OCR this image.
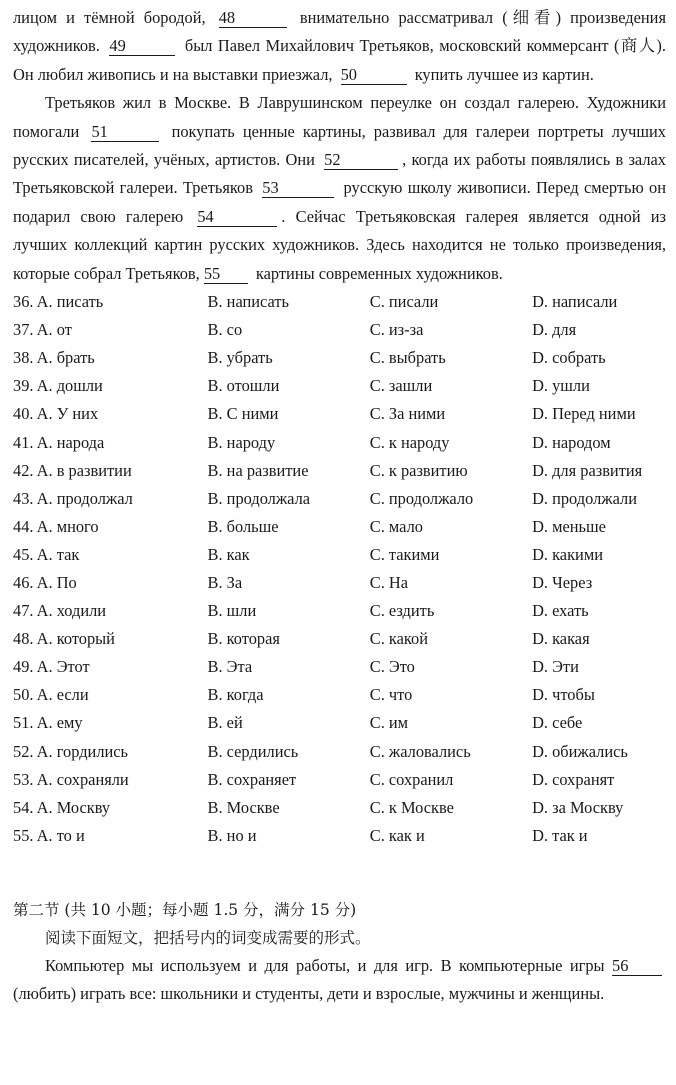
лицом и тёмной бородой, 48	внимательно рассматривал (细看) произведения художников. 49	был Павел Михайлович Третьяков, московский коммерсант (商人). Он любил живопись и на выставки приезжал, 50	купить лучшее из картин.

Третьяков жил в Москве. В Лаврушинском переулке он создал галерею. Художники помогали 51	покупать ценные картины, развивал для галереи портреты лучших русских писателей, учёных, артистов. Они 52	, когда их работы появлялись в залах Третьяковской галереи. Третьяков 53	русскую школу живописи. Перед смертью он подарил свою галерею 54	. Сейчас Третьяковская галерея является одной из лучших коллекций картин русских художников. Здесь находится не только произведения, которые собрал Третьяков, 55 картины современных художников.

36. A. писать	B. написать	C. писали	D. написали
37. A. от	B. со	C. из-за	D. для
38. A. брать	B. убрать	C. выбрать	D. собрать
39. A. дошли	B. отошли	C. зашли	D. ушли
40. A. У них	B. С ними	C. За ними	D. Перед ними
41. A. народа	B. народу	C. к народу	D. народом
42. A. в развитии	B. на развитие	C. к развитию	D. для развития
43. A. продолжал	B. продолжала	C. продолжало	D. продолжали
44. A. много	B. больше	C. мало	D. меньше
45. A. так	B. как	C. такими	D. какими
46. A. По	B. За	C. На	D. Через
47. A. ходили	B. шли	C. ездить	D. ехать
48. A. который	B. которая	C. какой	D. какая
49. A. Этот	B. Эта	C. Это	D. Эти
50. A. если	B. когда	C. что	D. чтобы
51. A. ему	B. ей	C. им	D. себе
52. A. гордились	B. сердились	C. жаловались	D. обижались
53. A. сохраняли	B. сохраняет	C. сохранил	D. сохранят
54. A. Москву	B. Москве	C. к Москве	D. за Москву
55. A. то и	B. но и	C. как и	D. так и
第二节 (共 10 小题；每小题 1.5 分，满分 15 分)
阅读下面短文，把括号内的词变成需要的形式。

Компьютер мы используем и для работы, и для игр. В компьютерные игры 56 (любить) играть все: школьники и студенты, дети и взрослые, мужчины и женщины.
